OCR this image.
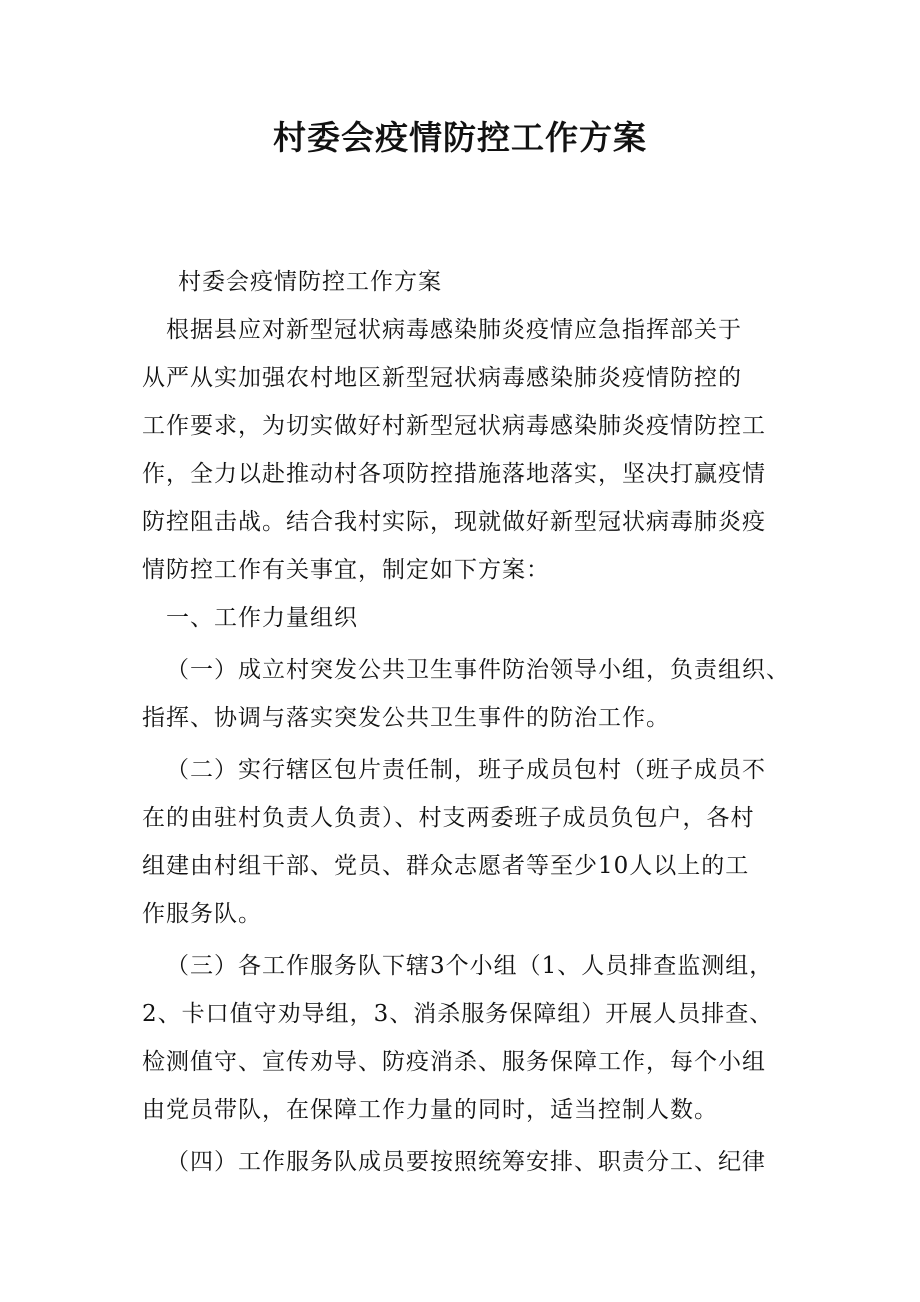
村委会疫情防控工作方案
村委会疫情防控工作方案
根据县应对新型冠状病毒感染肺炎疫情应急指挥部关于
从严从实加强农村地区新型冠状病毒感染肺炎疫情防控的
工作要求，为切实做好村新型冠状病毒感染肺炎疫情防控工
作，全力以赴推动村各项防控措施落地落实，坚决打赢疫情
防控阻击战。结合我村实际，现就做好新型冠状病毒肺炎疫
情防控工作有关事宜，制定如下方案：
一、工作力量组织
（一）成立村突发公共卫生事件防治领导小组，负责组织、
指挥、协调与落实突发公共卫生事件的防治工作。
（二）实行辖区包片责任制，班子成员包村（班子成员不
在的由驻村负责人负责）、村支两委班子成员负包户，各村
组建由村组干部、党员、群众志愿者等至少10人以上的工
作服务队。
（三）各工作服务队下辖3个小组（1、人员排查监测组，
2、卡口值守劝导组，3、消杀服务保障组）开展人员排查、
检测值守、宣传劝导、防疫消杀、服务保障工作，每个小组
由党员带队，在保障工作力量的同时，适当控制人数。
（四）工作服务队成员要按照统筹安排、职责分工、纪律
